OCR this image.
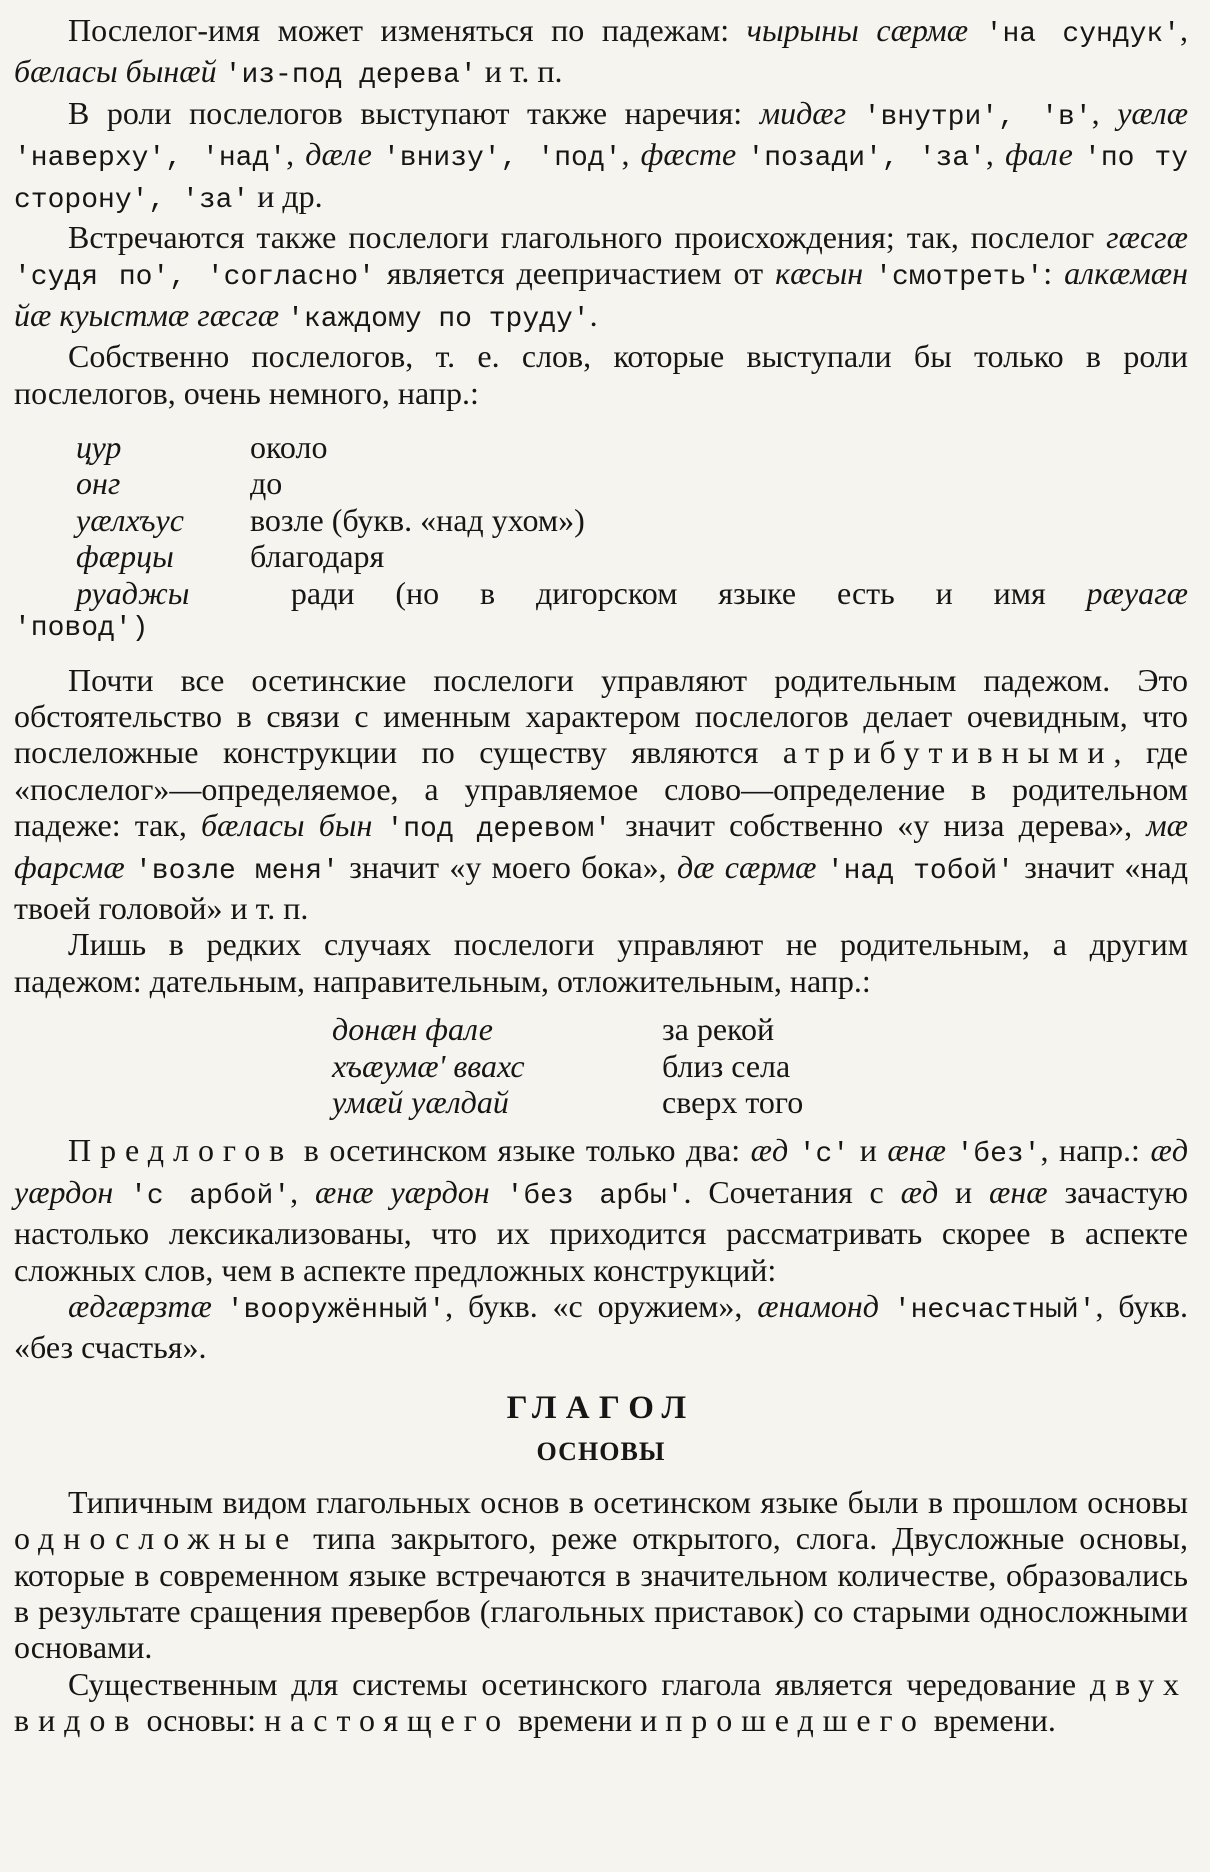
Послелог-имя может изменяться по падежам: чырыны сæрмæ 'на сундук', бæласы бынæй 'из-под дерева' и т. п.

В роли послелогов выступают также наречия: мидæг 'внутри', 'в', уæлæ 'наверху', 'над', дæле 'внизу', 'под', фæсте 'позади', 'за', фале 'по ту сторону', 'за' и др.

Встречаются также послелоги глагольного происхождения; так, послелог гæсгæ 'судя по', 'согласно' является деепричастием от кæсын 'смотреть': алкæмæн йæ куыстмæ гæсгæ 'каждому по труду'.

Собственно послелогов, т. е. слов, которые выступали бы только в роли послелогов, очень немного, напр.:

цур	около
онг	до
уæлхъус	возле (букв. «над ухом»)
фæрцы	благодаря
руаджы	ради (но в дигорском языке есть и имя рæуагæ
'повод')

Почти все осетинские послелоги управляют родительным падежом. Это обстоятельство в связи с именным характером послелогов делает очевидным, что послеложные конструкции по существу являются атрибутивными, где «послелог»—определяемое, а управляемое слово—определение в родительном падеже: так, бæласы бын 'под деревом' значит собственно «у низа дерева», мæ фарсмæ 'возле меня' значит «у моего бока», дæ сæрмæ 'над тобой' значит «над твоей головой» и т. п.

Лишь в редких случаях послелоги управляют не родительным, а другим падежом: дательным, направительным, отложительным, напр.:

донæн фале	за рекой
хъæумæ' ввахс	близ села
умæй уæлдай	сверх того

Предлогов в осетинском языке только два: æд 'с' и æнæ 'без', напр.: æд уæрдон 'с арбой', æнæ уæрдон 'без арбы'. Сочетания с æд и æнæ зачастую настолько лексикализованы, что их приходится рассматривать скорее в аспекте сложных слов, чем в аспекте предложных конструкций:

æдгæрзтæ 'вооружённый', букв. «с оружием», æнамонд 'несчастный', букв. «без счастья».

ГЛАГОЛ
ОСНОВЫ

Типичным видом глагольных основ в осетинском языке были в прошлом основы односложные типа закрытого, реже открытого, слога. Двусложные основы, которые в современном языке встречаются в значительном количестве, образовались в результате сращения превербов (глагольных приставок) со старыми односложными основами.

Существенным для системы осетинского глагола является чередование двух видов основы: настоящего времени и прошедшего времени.
